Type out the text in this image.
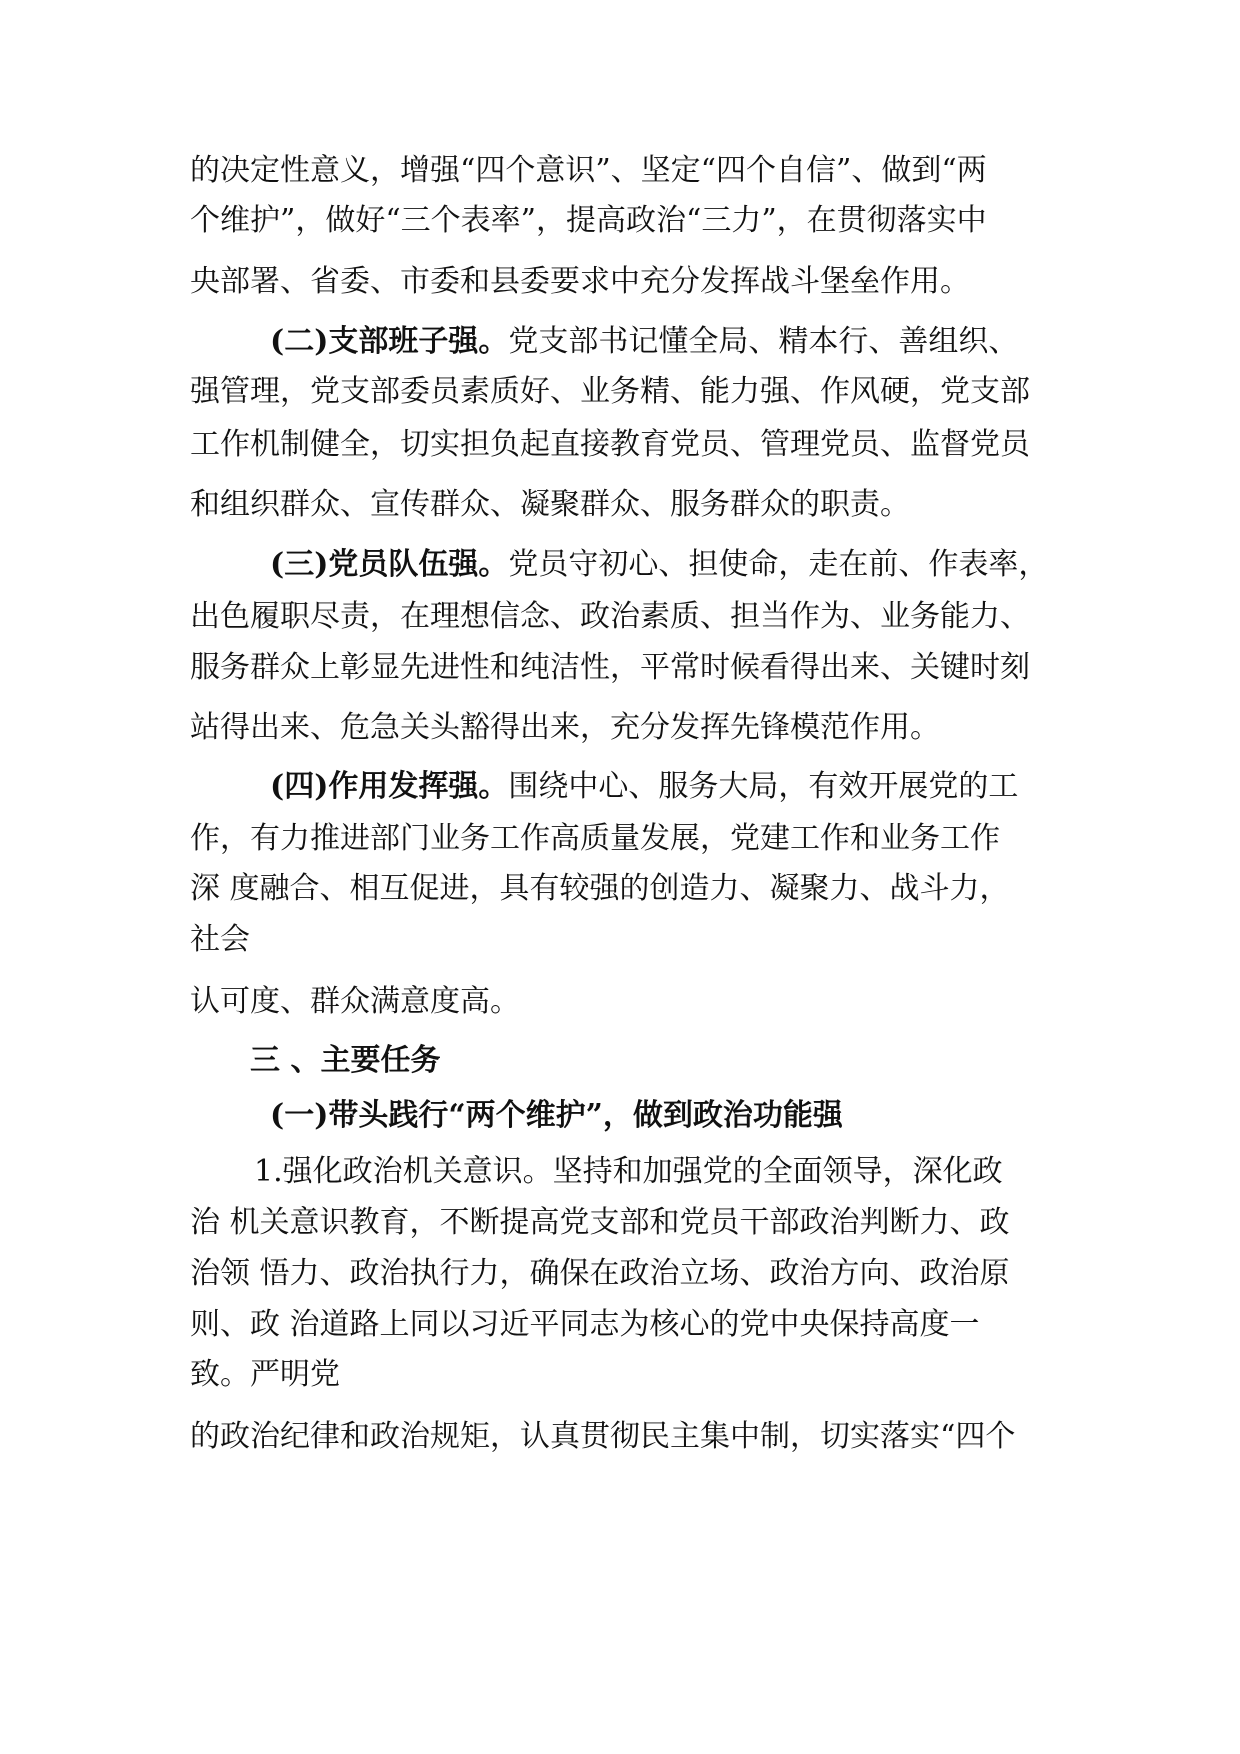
的决定性意义，增强“四个意识”、坚定“四个自信”、做到“两
个维护”，做好“三个表率”，提高政治“三力”，在贯彻落实中
央部署、省委、市委和县委要求中充分发挥战斗堡垒作用。
(二)支部班子强。党支部书记懂全局、精本行、善组织、
强管理，党支部委员素质好、业务精、能力强、作风硬，党支部
工作机制健全，切实担负起直接教育党员、管理党员、监督党员
和组织群众、宣传群众、凝聚群众、服务群众的职责。
(三)党员队伍强。党员守初心、担使命，走在前、作表率，
出色履职尽责，在理想信念、政治素质、担当作为、业务能力、
服务群众上彰显先进性和纯洁性，平常时候看得出来、关键时刻
站得出来、危急关头豁得出来，充分发挥先锋模范作用。
(四)作用发挥强。围绕中心、服务大局，有效开展党的工
作，有力推进部门业务工作高质量发展，党建工作和业务工作
深 度融合、相互促进，具有较强的创造力、凝聚力、战斗力，
社会
认可度、群众满意度高。
三 、主要任务
(一)带头践行“两个维护”，做到政治功能强
1.强化政治机关意识。坚持和加强党的全面领导，深化政
治 机关意识教育，不断提高党支部和党员干部政治判断力、政
治领 悟力、政治执行力，确保在政治立场、政治方向、政治原
则、政 治道路上同以习近平同志为核心的党中央保持高度一
致。严明党
的政治纪律和政治规矩，认真贯彻民主集中制，切实落实“四个
